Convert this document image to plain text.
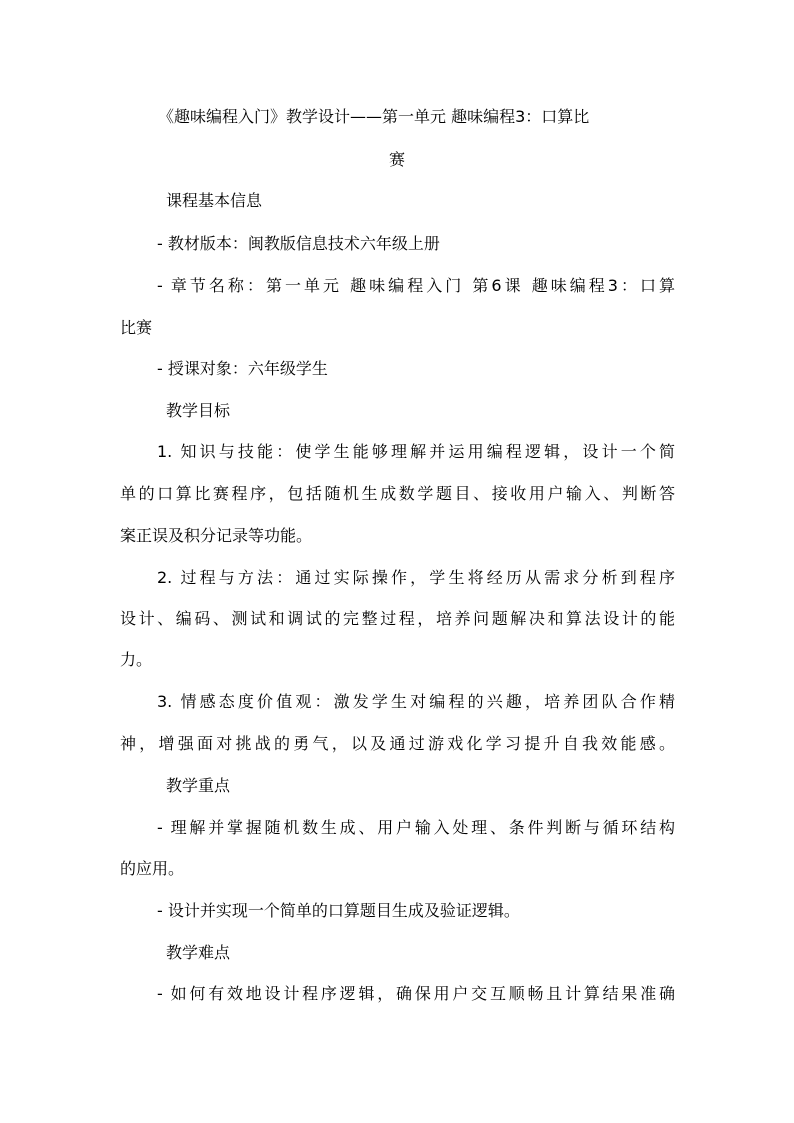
《趣味编程入门》教学设计——第一单元 趣味编程3：口算比
赛
课程基本信息
- 教材版本：闽教版信息技术六年级上册
- 章节名称：第一单元 趣味编程入门 第6课 趣味编程3：口算
比赛
- 授课对象：六年级学生
教学目标
1. 知识与技能：使学生能够理解并运用编程逻辑，设计一个简
单的口算比赛程序，包括随机生成数学题目、接收用户输入、判断答
案正误及积分记录等功能。
2. 过程与方法：通过实际操作，学生将经历从需求分析到程序
设计、编码、测试和调试的完整过程，培养问题解决和算法设计的能
力。
3. 情感态度价值观：激发学生对编程的兴趣，培养团队合作精
神，增强面对挑战的勇气，以及通过游戏化学习提升自我效能感。
教学重点
- 理解并掌握随机数生成、用户输入处理、条件判断与循环结构
的应用。
- 设计并实现一个简单的口算题目生成及验证逻辑。
教学难点
- 如何有效地设计程序逻辑，确保用户交互顺畅且计算结果准确
